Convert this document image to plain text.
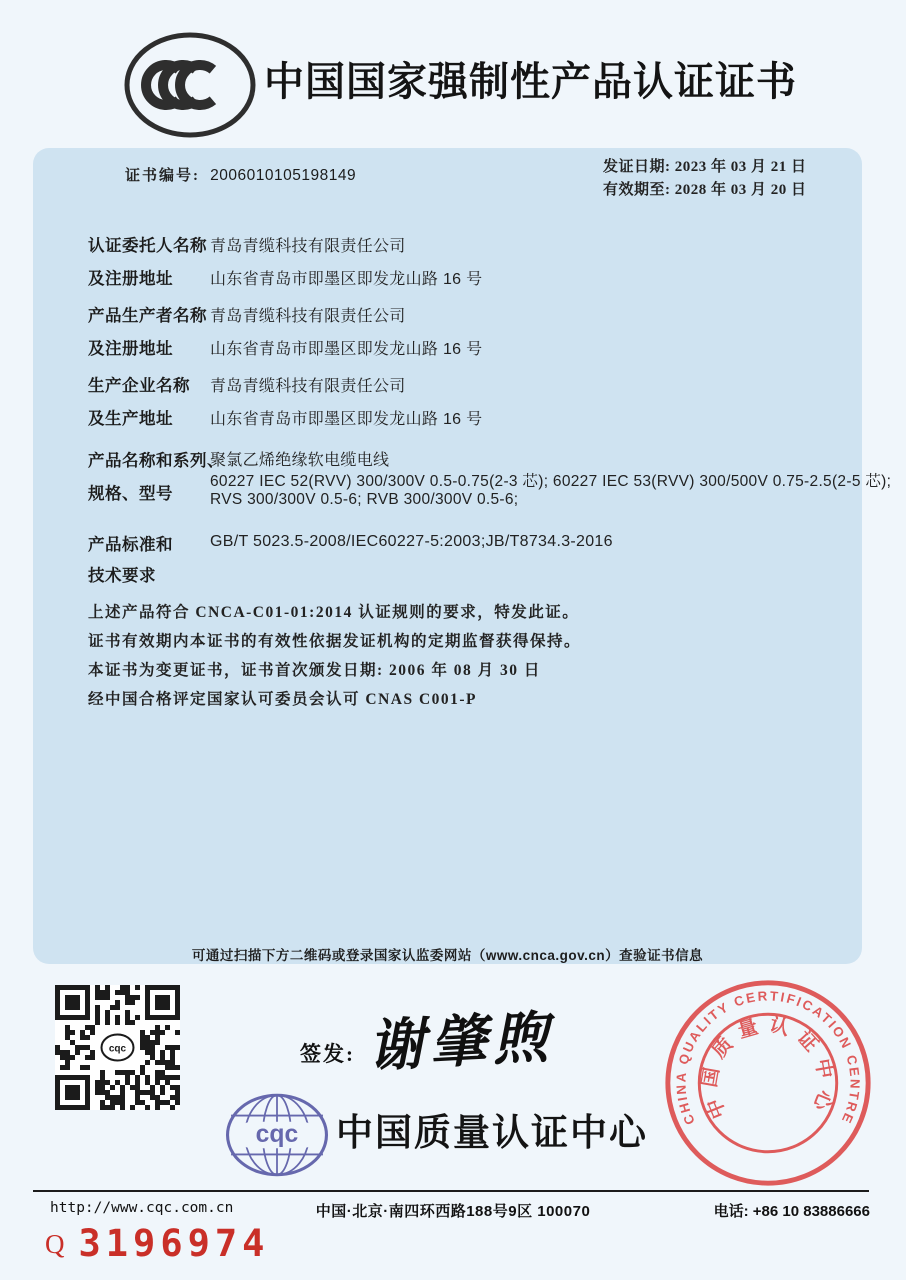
中国国家强制性产品认证证书
证书编号: 2006010105198149	发证日期: 2023 年 03 月 21 日
有效期至: 2028 年 03 月 20 日
认证委托人名称 青岛青缆科技有限责任公司
及注册地址 山东省青岛市即墨区即发龙山路 16 号
产品生产者名称 青岛青缆科技有限责任公司
及注册地址 山东省青岛市即墨区即发龙山路 16 号
生产企业名称 青岛青缆科技有限责任公司
及生产地址 山东省青岛市即墨区即发龙山路 16 号
产品名称和系列、
规格、型号
聚氯乙烯绝缘软电缆电线
60227 IEC 52(RVV) 300/300V 0.5-0.75(2-3 芯); 60227 IEC 53(RVV) 300/500V 0.75-2.5(2-5 芯);
RVS 300/300V 0.5-6; RVB 300/300V 0.5-6;
产品标准和
技术要求
GB/T 5023.5-2008/IEC60227-5:2003;JB/T8734.3-2016
上述产品符合 CNCA-C01-01:2014 认证规则的要求，特发此证。
证书有效期内本证书的有效性依据发证机构的定期监督获得保持。
本证书为变更证书，证书首次颁发日期: 2006 年 08 月 30 日
经中国合格评定国家认可委员会认可 CNAS C001-P
可通过扫描下方二维码或登录国家认监委网站（www.cnca.gov.cn）查验证书信息
cqc	签发: 谢肇煦
cqc 中国质量认证中心	CHINA QUALITY CERTIFICATION CENTRE
中国质量认证中心
http://www.cqc.com.cn	中国·北京·南四环西路188号9区 100070	电话: +86 10 83886666
Q 3196974
